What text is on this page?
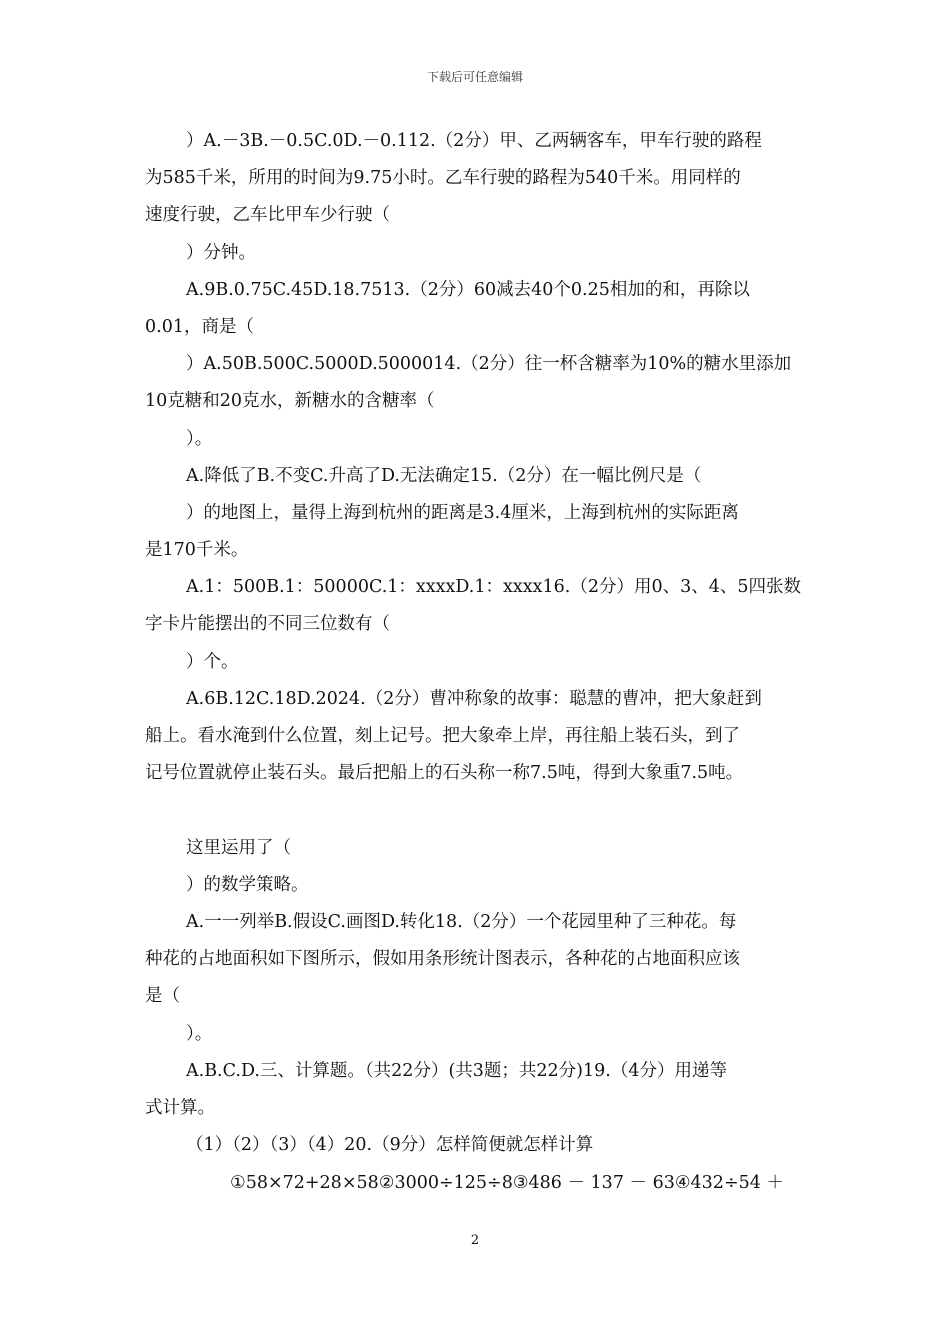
下载后可任意编辑
）A.－3B.－0.5C.0D.－0.112.（2分）甲、乙两辆客车，甲车行驶的路程
为585千米，所用的时间为9.75小时。乙车行驶的路程为540千米。用同样的
速度行驶，乙车比甲车少行驶（
）分钟。
A.9B.0.75C.45D.18.7513.（2分）60减去40个0.25相加的和，再除以
0.01，商是（
）A.50B.500C.5000D.5000014.（2分）往一杯含糖率为10%的糖水里添加
10克糖和20克水，新糖水的含糖率（
）。
A.降低了B.不变C.升高了D.无法确定15.（2分）在一幅比例尺是（
）的地图上，量得上海到杭州的距离是3.4厘米，上海到杭州的实际距离
是170千米。
A.1：500B.1：50000C.1：xxxxD.1：xxxx16.（2分）用0、3、4、5四张数
字卡片能摆出的不同三位数有（
）个。
A.6B.12C.18D.2024.（2分）曹冲称象的故事：聪慧的曹冲，把大象赶到
船上。看水淹到什么位置，刻上记号。把大象牵上岸，再往船上装石头，到了
记号位置就停止装石头。最后把船上的石头称一称7.5吨，得到大象重7.5吨。
这里运用了（
）的数学策略。
A.一一列举B.假设C.画图D.转化18.（2分）一个花园里种了三种花。每
种花的占地面积如下图所示，假如用条形统计图表示，各种花的占地面积应该
是（
）。
A.B.C.D.三、计算题。（共22分）(共3题；共22分)19.（4分）用递等
式计算。
（1）（2）（3）（4）20.（9分）怎样简便就怎样计算
①58×72+28×58②3000÷125÷8③486 － 137 － 63④432÷54 ＋
2
